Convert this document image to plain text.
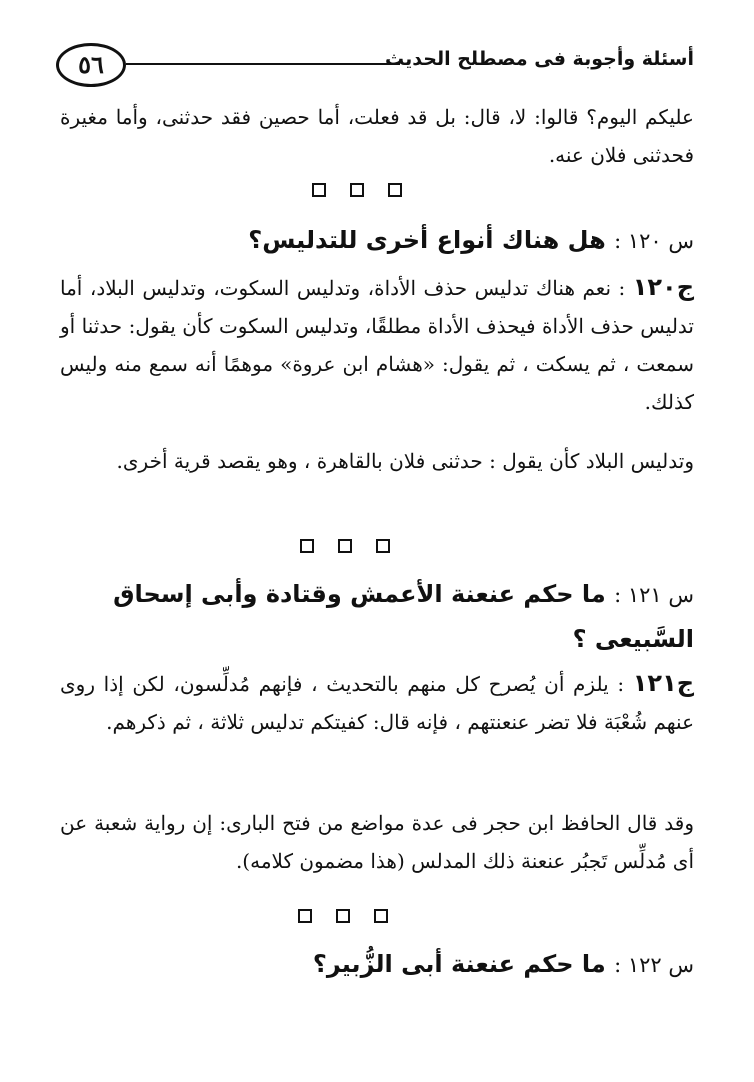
٥٦	أسئلة وأجوبة فى مصطلح الحديث

عليكم اليوم؟ قالوا: لا، قال: بل قد فعلت، أما حصين فقد حدثنى، وأما مغيرة فحدثنى فلان عنه.

س ١٢٠ : هل هناك أنواع أخرى للتدليس؟

ج١٢٠ : نعم هناك تدليس حذف الأداة، وتدليس السكوت، وتدليس البلاد، أما تدليس حذف الأداة فيحذف الأداة مطلقًا، وتدليس السكوت كأن يقول: حدثنا أو سمعت ، ثم يسكت ، ثم يقول: «هشام ابن عروة» موهمًا أنه سمع منه وليس كذلك.

وتدليس البلاد كأن يقول : حدثنى فلان بالقاهرة ، وهو يقصد قرية أخرى.

س ١٢١ : ما حكم عنعنة الأعمش وقتادة وأبى إسحاق السَّبيعى ؟

ج١٢١ : يلزم أن يُصرح كل منهم بالتحديث ، فإنهم مُدلِّسون، لكن إذا روى عنهم شُعْبَة فلا تضر عنعنتهم ، فإنه قال: كفيتكم تدليس ثلاثة ، ثم ذكرهم.

وقد قال الحافظ ابن حجر فى عدة مواضع من فتح البارى: إن رواية شعبة عن أى مُدلِّس تَجبُر عنعنة ذلك المدلس (هذا مضمون كلامه).

س ١٢٢ : ما حكم عنعنة أبى الزُّبير؟
